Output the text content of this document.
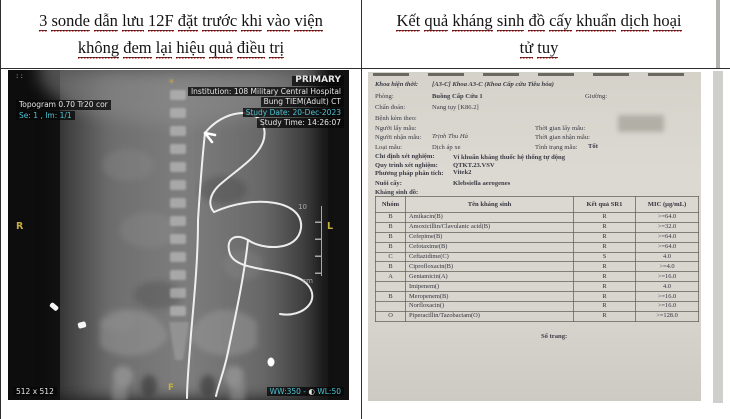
3 sonde dẫn lưu 12F đặt trước khi vào viện
không đem lại hiệu quả điều trị
Kết quả kháng sinh đồ cấy khuẩn dịch hoại
tử tuy
: :
✳	PRIMARY
Institution: 108 Military Central Hospital
Bung TIEM(Adult) CT
Study Date: 20-Dec-2023
Study Time: 14:26:07
Topogram 0.70 Tr20 cor
Se: 1 , Im: 1/1
R	L
F
10
cm
512 x 512	WW:350 - ◐ WL:50
Khoa hiện thời: [A3-C] Khoa A3-C (Khoa Cấp cứu Tiêu hóa)
Phòng:	Buồng Cấp Cứu 1	Giường:
Chẩn đoán:	Nang tụy [K86.2]
Bệnh kèm theo:
Người lấy mẫu:	Thời gian lấy mẫu:
Người nhận mẫu: Trịnh Thu Hà	Thời gian nhận mẫu:
Loại mẫu:	Dịch áp xe	Tình trạng mẫu: Tốt
Chỉ định xét nghiệm:	Vi khuẩn kháng thuốc hệ thống tự động
Quy trình xét nghiệm: QTKT.23.VSV
Phương pháp phân tích: Vitek2
Nuôi cấy:	Klebsiella aerogenes
Kháng sinh đồ:
Nhóm	Tên kháng sinh	Kết quả SR1	MIC (µg/mL)
B	Amikacin(B)	R	>=64.0
B	Amoxicillin/Clavulanic acid(B)	R	>=32.0
B	Cefepime(B)	R	>=64.0
B	Cefotaxime(B)	R	>=64.0
C	Ceftazidime(C)	S	4.0
B	Ciprofloxacin(B)	R	>=4.0
A	Gentamicin(A)	R	>=16.0
	Imipenem()	R	4.0
B	Meropenem(B)	R	>=16.0
	Norfloxacin()	R	>=16.0
O	Piperacillin/Tazobactam(O)	R	>=128.0
Số trang:
